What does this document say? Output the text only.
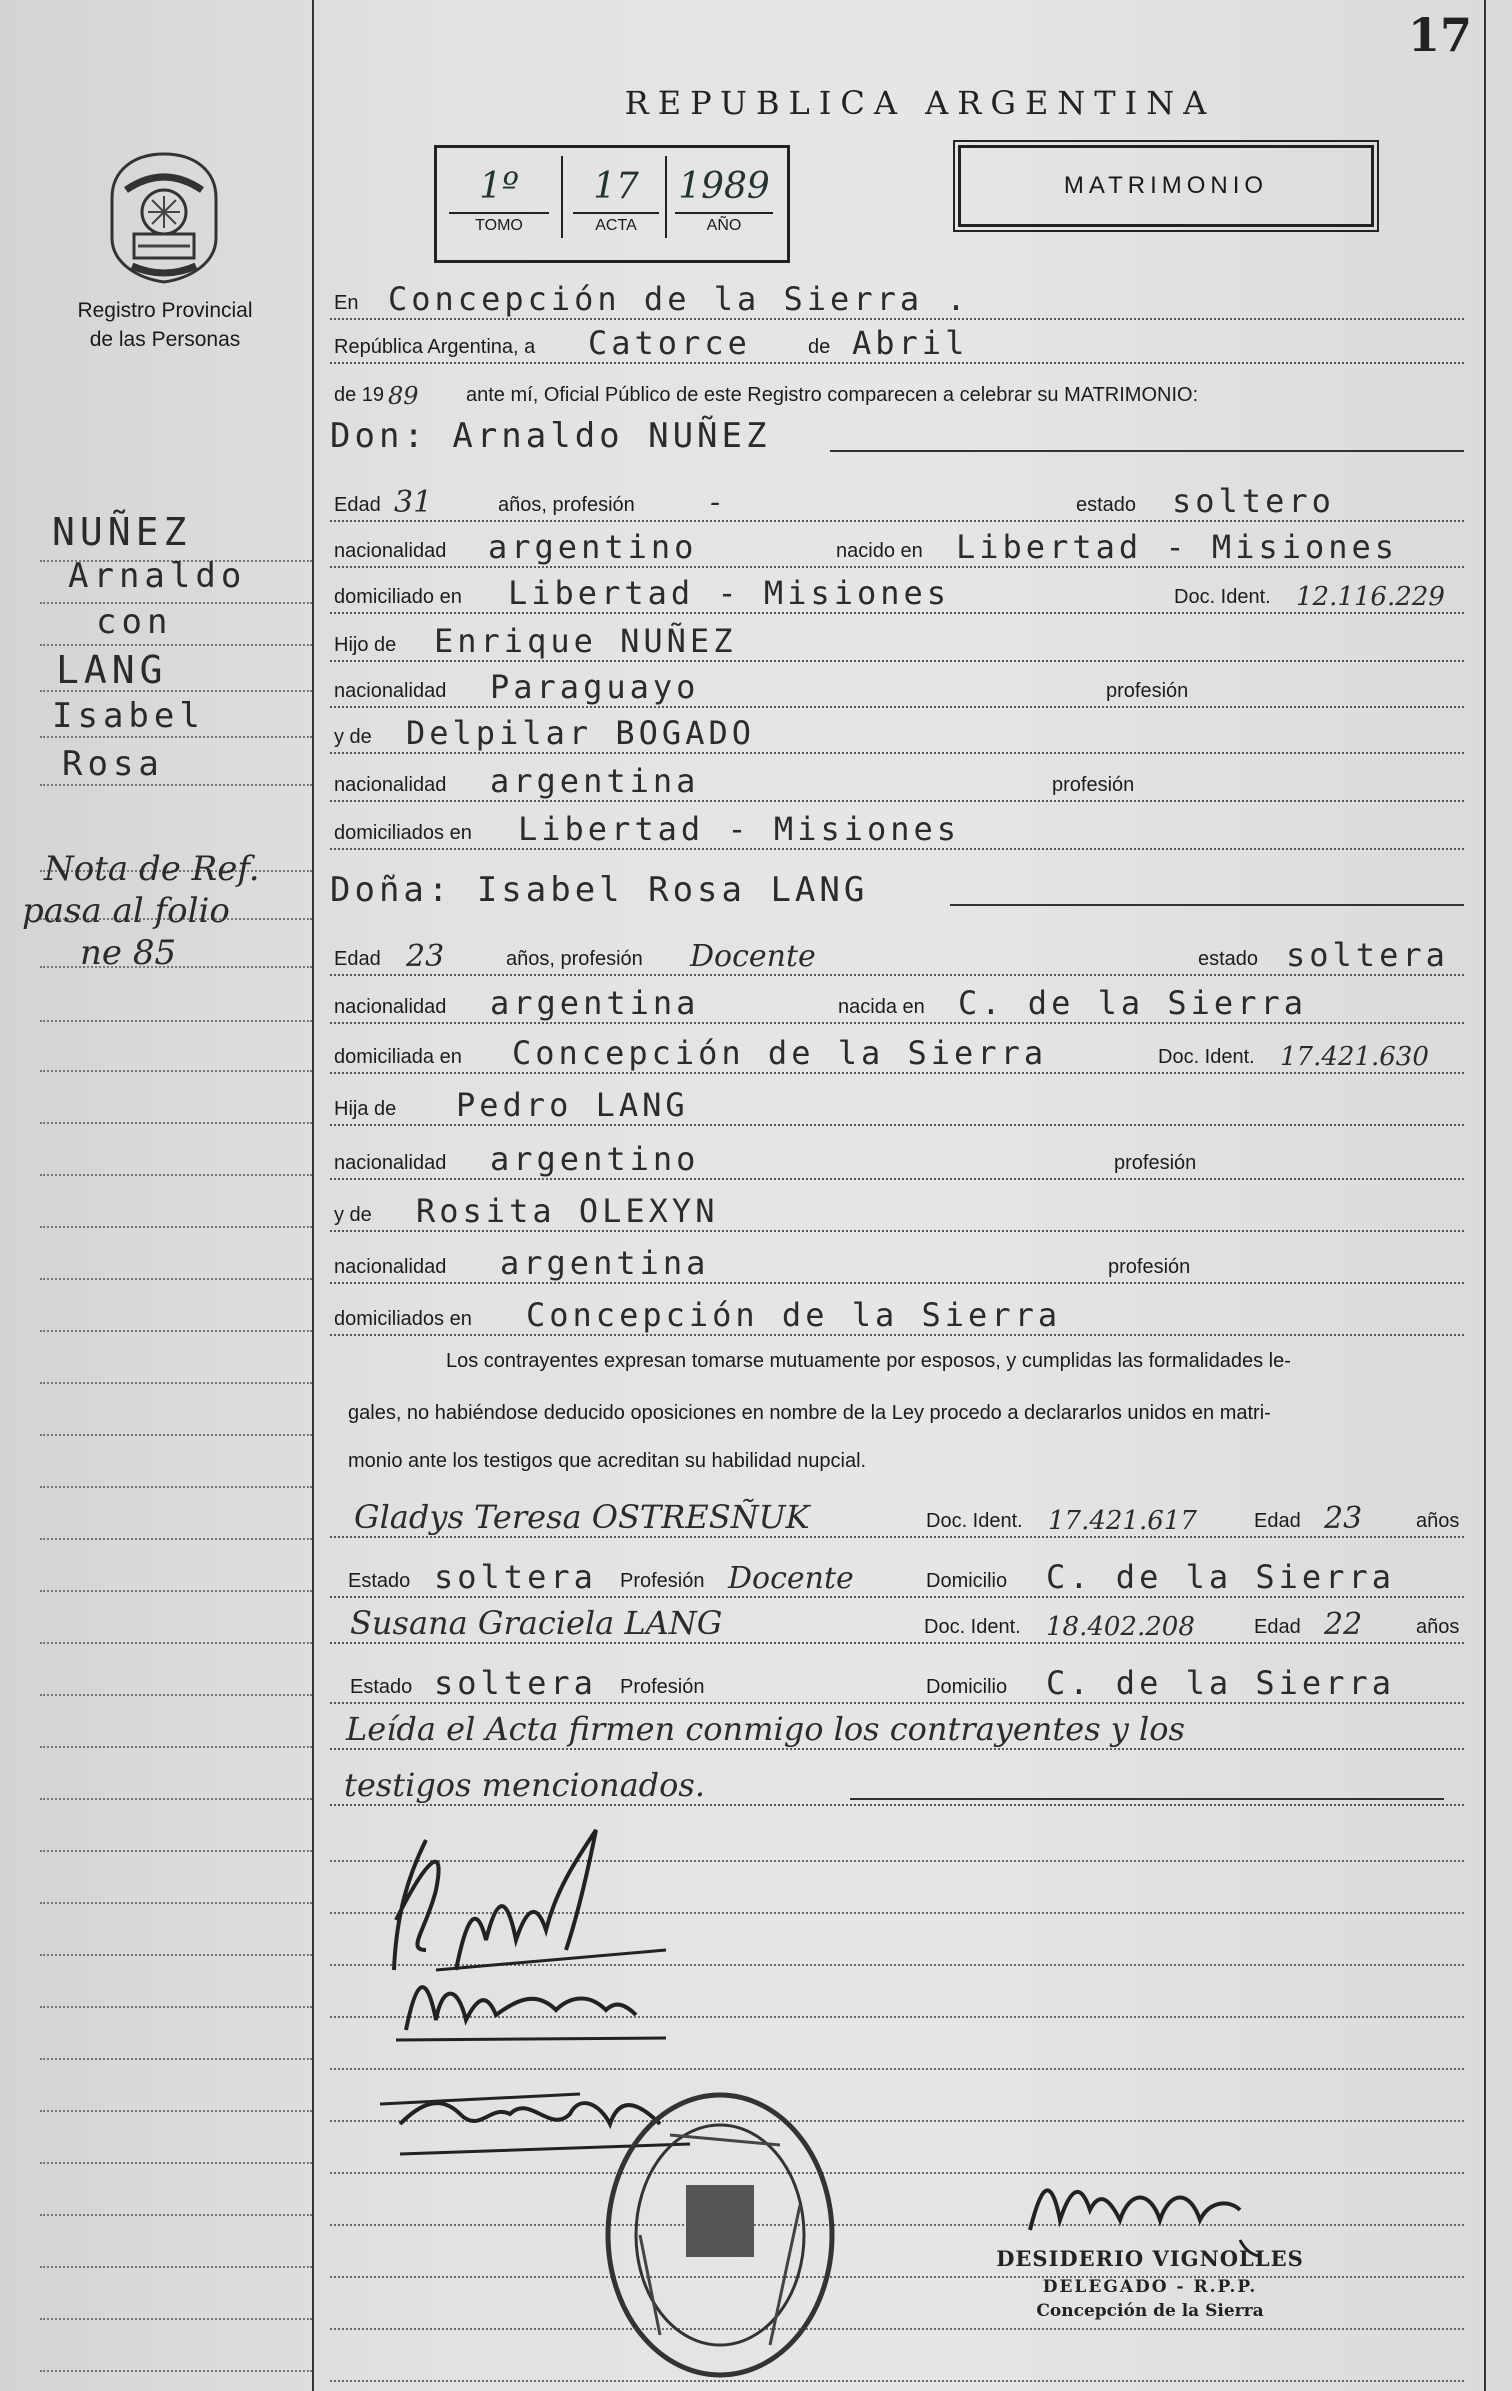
17
REPUBLICA ARGENTINA
Registro Provincial
de las Personas
1º
TOMO
17
ACTA
1989
AÑO
MATRIMONIO
NUÑEZ
Arnaldo
con
LANG
Isabel
Rosa
Nota de Ref.
pasa al folio
ne 85
En Concepción de la Sierra .
República Argentina, a Catorce	de Abril
de 19 89 ante mí, Oficial Público de este Registro comparecen a celebrar su MATRIMONIO:
Don: Arnaldo NUÑEZ
Edad 31	años, profesión	-	estado soltero
nacionalidad argentino	nacido en Libertad - Misiones
domiciliado en Libertad - Misiones	Doc. Ident. 12.116.229
Hijo de Enrique NUÑEZ
nacionalidad Paraguayo	profesión
y de Delpilar BOGADO
nacionalidad argentina	profesión
domiciliados en Libertad - Misiones
Doña: Isabel Rosa LANG
Edad 23	años, profesión Docente	estado soltera
nacionalidad argentina	nacida en C. de la Sierra
domiciliada en Concepción de la Sierra	Doc. Ident. 17.421.630
Hija de Pedro LANG
nacionalidad argentino	profesión
y de Rosita OLEXYN
nacionalidad argentina	profesión
domiciliados en Concepción de la Sierra
Los contrayentes expresan tomarse mutuamente por esposos, y cumplidas las formalidades le-
gales, no habiéndose deducido oposiciones en nombre de la Ley procedo a declararlos unidos en matri-
monio ante los testigos que acreditan su habilidad nupcial.
Gladys Teresa OSTRESÑUK	Doc. Ident. 17.421.617	Edad 23	años
Estado soltera Profesión Docente	Domicilio C. de la Sierra
Susana Graciela LANG	Doc. Ident. 18.402.208	Edad 22	años
Estado soltera Profesión	Domicilio C. de la Sierra
Leída el Acta firmen conmigo los contrayentes y los
testigos mencionados.
DESIDERIO VIGNOLLES
DELEGADO - R.P.P.
Concepción de la Sierra
